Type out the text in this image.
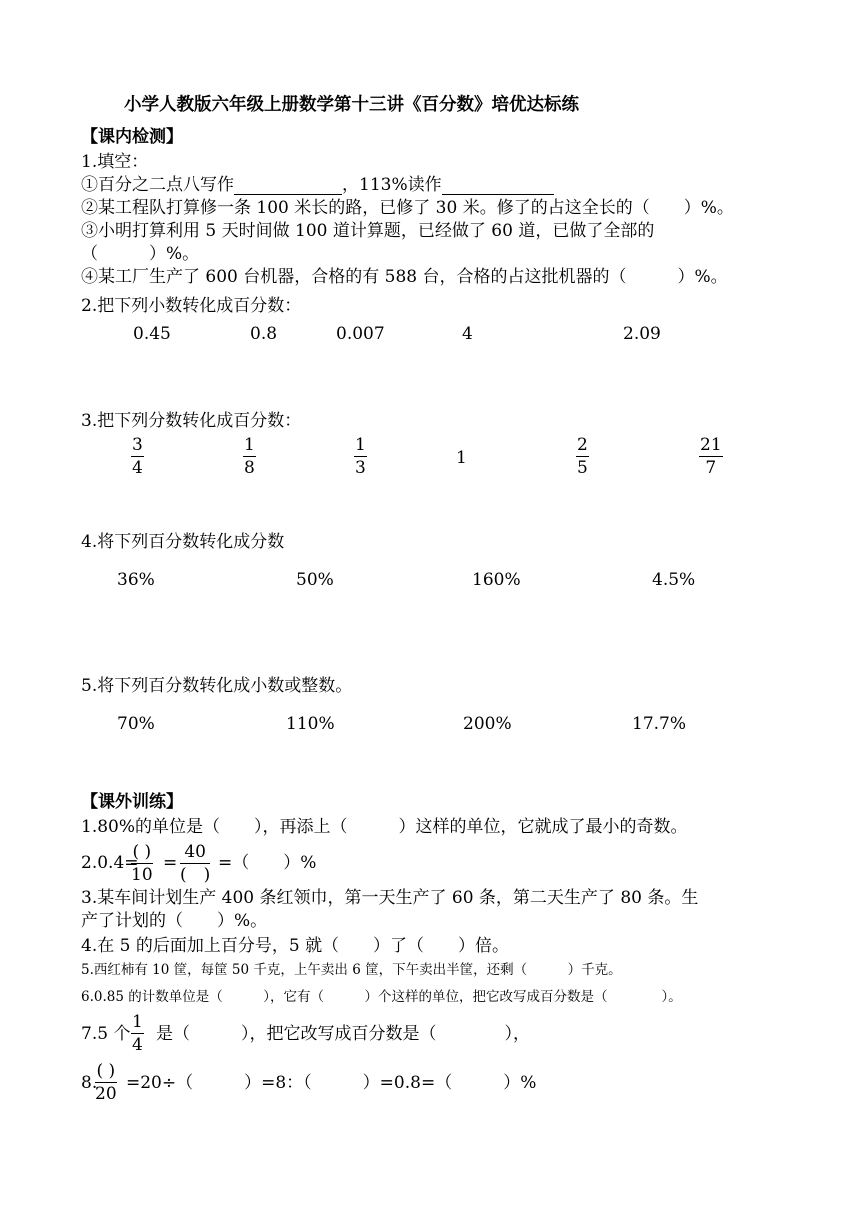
小学人教版六年级上册数学第十三讲《百分数》培优达标练
【课内检测】
1.填空：
①百分之二点八写作	，113%读作
②某工程队打算修一条 100 米长的路，已修了 30 米。修了的占这全长的（　　）%。
③小明打算利用 5 天时间做 100 道计算题，已经做了 60 道，已做了全部的
（　　　）%。
④某工厂生产了 600 台机器，合格的有 588 台，合格的占这批机器的（　　　）%。
2.把下列小数转化成百分数：
0.45	0.8	0.007	4	2.09
3.把下列分数转化成百分数：
$\frac{3}{4}$	$\frac{1}{8}$	$\frac{1}{3}$	1	$\frac{2}{5}$	$\frac{21}{7}$
4.将下列百分数转化成分数
36%	50%	160%	4.5%
5.将下列百分数转化成小数或整数。
70%	110%	200%	17.7%
【课外训练】
1.80%的单位是（　　），再添上（　　　）这样的单位，它就成了最小的奇数。
2.0.4=
( )
10
=
40
(　)
=（　　）%
3.某车间计划生产 400 条红领巾，第一天生产了 60 条，第二天生产了 80 条。生
产了计划的（　　）%。
4.在 5 的后面加上百分号，5 就（　　）了（　　）倍。
5.西红柿有 10 筐，每筐 50 千克，上午卖出 6 筐，下午卖出半筐，还剩（　　　）千克。
6.0.85 的计数单位是（　　　），它有（　　　）个这样的单位，把它改写成百分数是（　　　　）。
7.5 个 $\frac{1}{4}$ 是（　　　），把它改写成百分数是（　　　　），
8.
( )
20
=20÷（　　　）=8：（　　　）=0.8=（　　　）%
